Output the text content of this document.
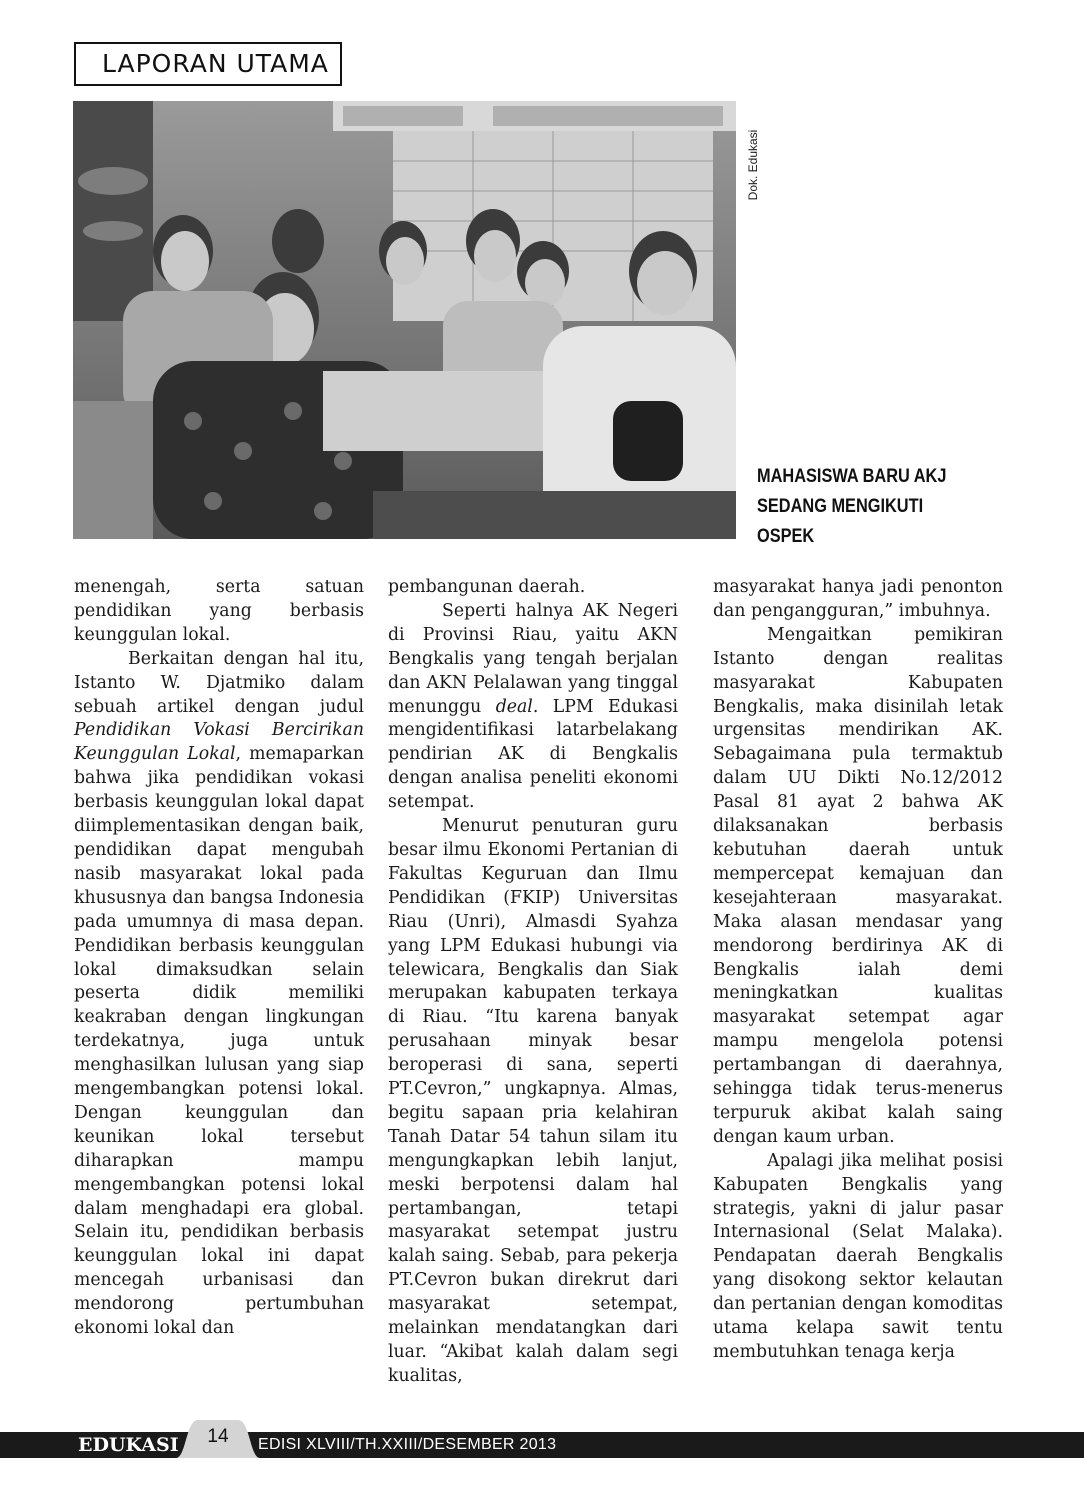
LAPORAN UTAMA
Dok. Edukasi
MAHASISWA BARU AKJ
SEDANG MENGIKUTI OSPEK

menengah, serta satuan pendidikan yang berbasis keunggulan lokal.

Berkaitan dengan hal itu, Istanto W. Djatmiko dalam sebuah artikel dengan judul Pendidikan Vokasi Bercirikan Keunggulan Lokal, memaparkan bahwa jika pendidikan vokasi berbasis keunggulan lokal dapat diimplementasikan dengan baik, pendidikan dapat mengubah nasib masyarakat lokal pada khususnya dan bangsa Indonesia pada umumnya di masa depan. Pendidikan berbasis keunggulan lokal dimaksudkan selain peserta didik memiliki keakraban dengan lingkungan terdekatnya, juga untuk menghasilkan lulusan yang siap mengembangkan potensi lokal. Dengan keunggulan dan keunikan lokal tersebut diharapkan mampu mengembangkan potensi lokal dalam menghadapi era global. Selain itu, pendidikan berbasis keunggulan lokal ini dapat mencegah urbanisasi dan mendorong pertumbuhan ekonomi lokal dan

pembangunan daerah.

Seperti halnya AK Negeri di Provinsi Riau, yaitu AKN Bengkalis yang tengah berjalan dan AKN Pelalawan yang tinggal menunggu deal. LPM Edukasi mengidentifikasi latarbelakang pendirian AK di Bengkalis dengan analisa peneliti ekonomi setempat.

Menurut penuturan guru besar ilmu Ekonomi Pertanian di Fakultas Keguruan dan Ilmu Pendidikan (FKIP) Universitas Riau (Unri), Almasdi Syahza yang LPM Edukasi hubungi via telewicara, Bengkalis dan Siak merupakan kabupaten terkaya di Riau. “Itu karena banyak perusahaan minyak besar beroperasi di sana, seperti PT.Cevron,” ungkapnya. Almas, begitu sapaan pria kelahiran Tanah Datar 54 tahun silam itu mengungkapkan lebih lanjut, meski berpotensi dalam hal pertambangan, tetapi masyarakat setempat justru kalah saing. Sebab, para pekerja PT.Cevron bukan direkrut dari masyarakat setempat, melainkan mendatangkan dari luar. “Akibat kalah dalam segi kualitas,

masyarakat hanya jadi penonton dan pengangguran,” imbuhnya.

Mengaitkan pemikiran Istanto dengan realitas masyarakat Kabupaten Bengkalis, maka disinilah letak urgensitas mendirikan AK. Sebagaimana pula termaktub dalam UU Dikti No.12/2012 Pasal 81 ayat 2 bahwa AK dilaksanakan berbasis kebutuhan daerah untuk mempercepat kemajuan dan kesejahteraan masyarakat. Maka alasan mendasar yang mendorong berdirinya AK di Bengkalis ialah demi meningkatkan kualitas masyarakat setempat agar mampu mengelola potensi pertambangan di daerahnya, sehingga tidak terus-menerus terpuruk akibat kalah saing dengan kaum urban.

Apalagi jika melihat posisi Kabupaten Bengkalis yang strategis, yakni di jalur pasar Internasional (Selat Malaka). Pendapatan daerah Bengkalis yang disokong sektor kelautan dan pertanian dengan komoditas utama kelapa sawit tentu membutuhkan tenaga kerja

EDUKASI	14	EDISI XLVIII/TH.XXIII/DESEMBER 2013
